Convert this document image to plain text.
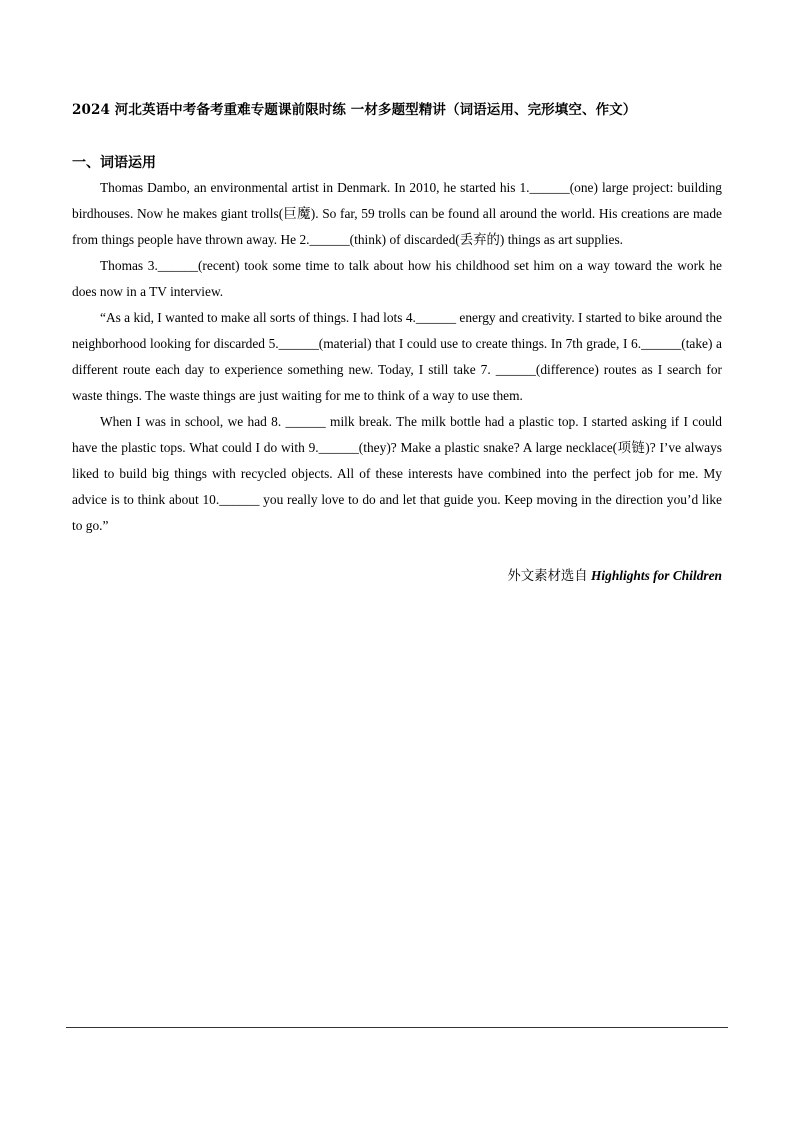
2024 河北英语中考备考重难专题课前限时练 一材多题型精讲（词语运用、完形填空、作文）
一、词语运用

Thomas Dambo, an environmental artist in Denmark. In 2010, he started his 1.______(one) large project: building birdhouses. Now he makes giant trolls(巨魔). So far, 59 trolls can be found all around the world. His creations are made from things people have thrown away. He 2.______(think) of discarded(丢弃的) things as art supplies.

Thomas 3.______(recent) took some time to talk about how his childhood set him on a way toward the work he does now in a TV interview.

“As a kid, I wanted to make all sorts of things. I had lots 4.______ energy and creativity. I started to bike around the neighborhood looking for discarded 5.______(material) that I could use to create things. In 7th grade, I 6.______(take) a different route each day to experience something new. Today, I still take 7. ______(difference) routes as I search for waste things. The waste things are just waiting for me to think of a way to use them.

When I was in school, we had 8. ______ milk break. The milk bottle had a plastic top. I started asking if I could have the plastic tops. What could I do with 9.______(they)? Make a plastic snake? A large necklace(项链)? I’ve always liked to build big things with recycled objects. All of these interests have combined into the perfect job for me. My advice is to think about 10.______ you really love to do and let that guide you. Keep moving in the direction you’d like to go.”

外文素材选自 Highlights for Children
